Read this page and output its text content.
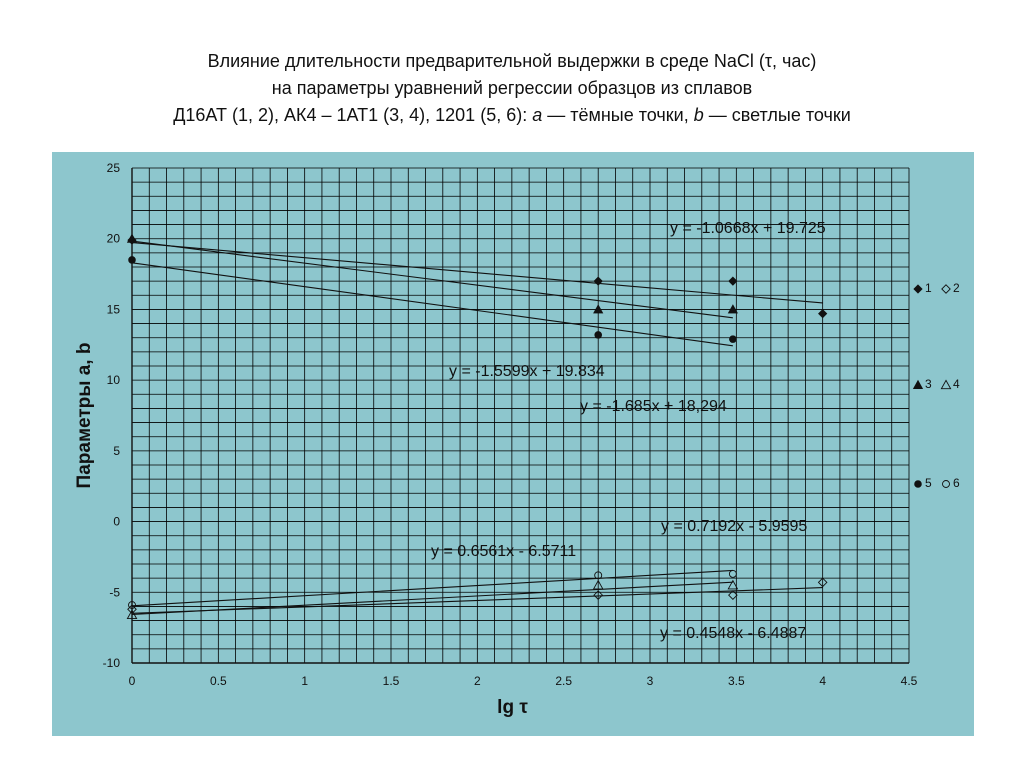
Влияние длительности предварительной выдержки в среде NaCl (τ, час)
на параметры уравнений регрессии образцов из сплавов
Д16АТ (1, 2), АК4 – 1АТ1 (3, 4), 1201 (5, 6): a — тёмные точки, b — светлые точки
0	0.5	1	1.5	2	2.5	3	3.5	4	4.5
25
20
15
10
5
0
-5
-10
lg τ
Параметры a, b
1 2
3 4
5 6
y = -1.0668x + 19.725
y = -1.5599x + 19.834
y = -1.685x + 18,294
y = 0.7192x - 5.9595
y = 0.6561x - 6.5711
y = 0.4548x - 6.4887
